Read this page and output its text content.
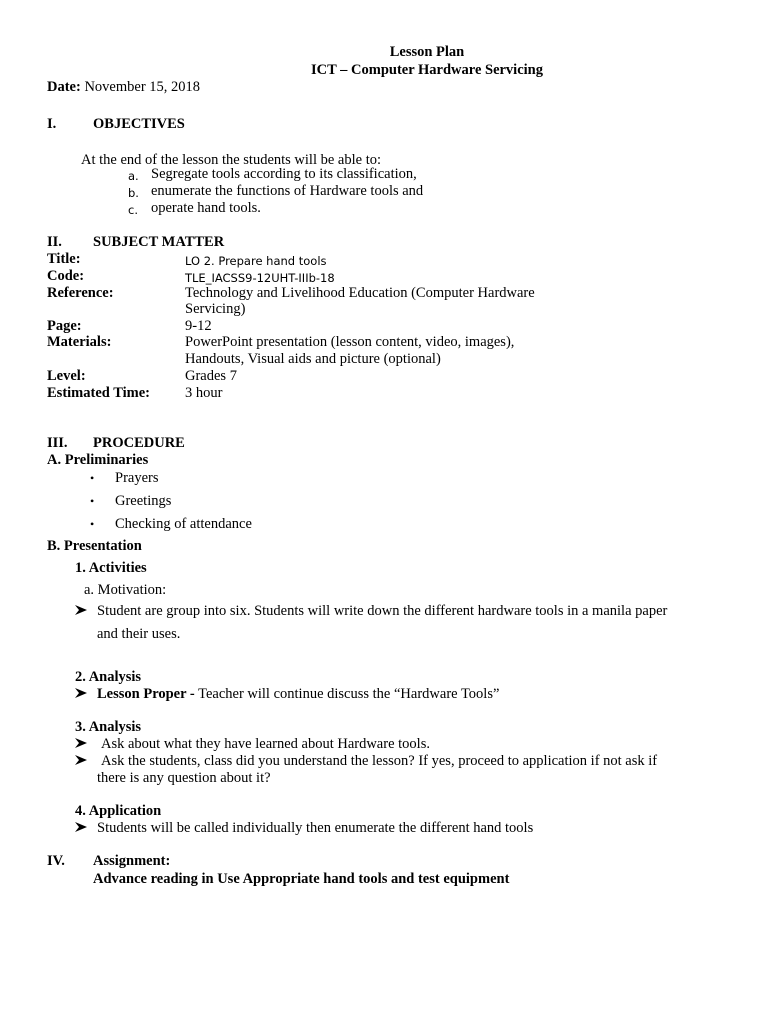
Lesson Plan
ICT – Computer Hardware Servicing
Date: November 15, 2018
I.	OBJECTIVES
At the end of the lesson the students will be able to:
a. Segregate tools according to its classification,
b. enumerate the functions of Hardware tools and
c. operate hand tools.
II. SUBJECT MATTER
Title:	LO 2. Prepare hand tools
Code:	TLE_IACSS9-12UHT-IIIb-18
Reference:	Technology and Livelihood Education (Computer Hardware
Servicing)
Page:	9-12
Materials:	PowerPoint presentation (lesson content, video, images),
Handouts, Visual aids and picture (optional)
Level:	Grades 7
Estimated Time: 3 hour
III. PROCEDURE
A. Preliminaries
• Prayers
• Greetings
• Checking of attendance
B. Presentation
1. Activities
a. Motivation:
Student are group into six. Students will write down the different hardware tools in a manila paper
and their uses.
2. Analysis
Lesson Proper - Teacher will continue discuss the “Hardware Tools”
3. Analysis
Ask about what they have learned about Hardware tools.
Ask the students, class did you understand the lesson? If yes, proceed to application if not ask if
there is any question about it?
4. Application
Students will be called individually then enumerate the different hand tools
IV. Assignment:
Advance reading in Use Appropriate hand tools and test equipment
